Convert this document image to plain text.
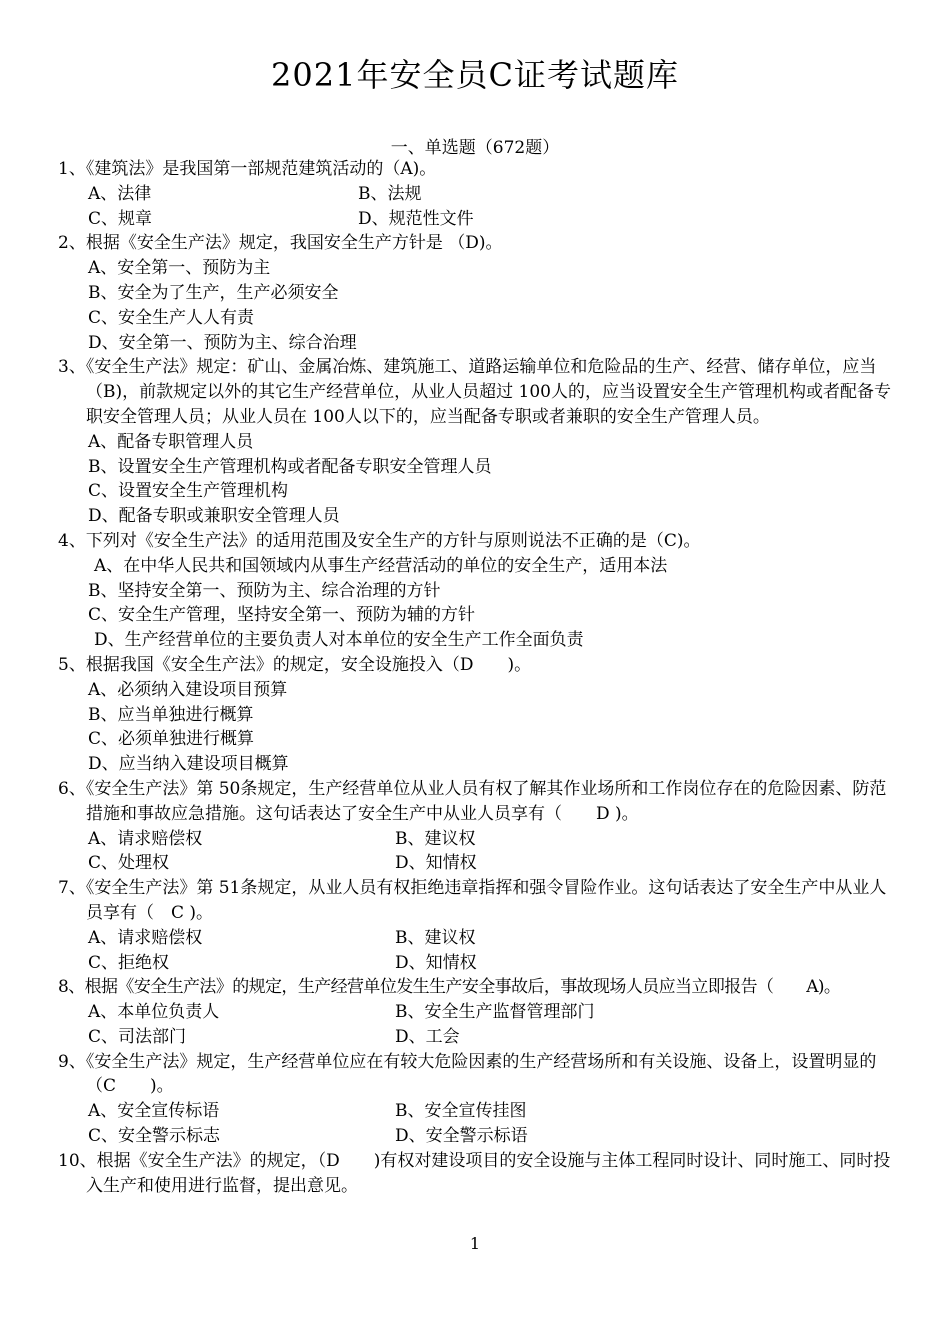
2021年安全员C证考试题库
一、单选题（672题）
1、《建筑法》是我国第一部规范建筑活动的（A)。
A、法律	B、法规
C、规章	D、规范性文件
2、根据《安全生产法》规定，我国安全生产方针是 （D)。
A、安全第一、预防为主
B、安全为了生产，生产必须安全
C、安全生产人人有责
D、安全第一、预防为主、综合治理
3、《安全生产法》规定：矿山、金属冶炼、建筑施工、道路运输单位和危险品的生产、经营、储存单位，应当（B)，前款规定以外的其它生产经营单位，从业人员超过 100人的，应当设置安全生产管理机构或者配备专职安全管理人员；从业人员在 100人以下的，应当配备专职或者兼职的安全生产管理人员。
A、配备专职管理人员
B、设置安全生产管理机构或者配备专职安全管理人员
C、设置安全生产管理机构
D、配备专职或兼职安全管理人员
4、下列对《安全生产法》的适用范围及安全生产的方针与原则说法不正确的是（C)。
A、在中华人民共和国领域内从事生产经营活动的单位的安全生产，适用本法
B、坚持安全第一、预防为主、综合治理的方针
C、安全生产管理，坚持安全第一、预防为辅的方针
D、生产经营单位的主要负责人对本单位的安全生产工作全面负责
5、根据我国《安全生产法》的规定，安全设施投入（D　　)。
A、必须纳入建设项目预算
B、应当单独进行概算
C、必须单独进行概算
D、应当纳入建设项目概算
6、《安全生产法》第 50条规定，生产经营单位从业人员有权了解其作业场所和工作岗位存在的危险因素、防范措施和事故应急措施。这句话表达了安全生产中从业人员享有（　　D )。
A、请求赔偿权	B、建议权
C、处理权	D、知情权
7、《安全生产法》第 51条规定，从业人员有权拒绝违章指挥和强令冒险作业。这句话表达了安全生产中从业人员享有（　C )。
A、请求赔偿权	B、建议权
C、拒绝权	D、知情权
8、根据《安全生产法》的规定，生产经营单位发生生产安全事故后，事故现场人员应当立即报告（　　A)。
A、本单位负责人	B、安全生产监督管理部门
C、司法部门	D、工会
9、《安全生产法》规定，生产经营单位应在有较大危险因素的生产经营场所和有关设施、设备上，设置明显的（C　　)。
A、安全宣传标语	B、安全宣传挂图
C、安全警示标志	D、安全警示标语
10、根据《安全生产法》的规定，（D　　)有权对建设项目的安全设施与主体工程同时设计、同时施工、同时投入生产和使用进行监督，提出意见。
1
